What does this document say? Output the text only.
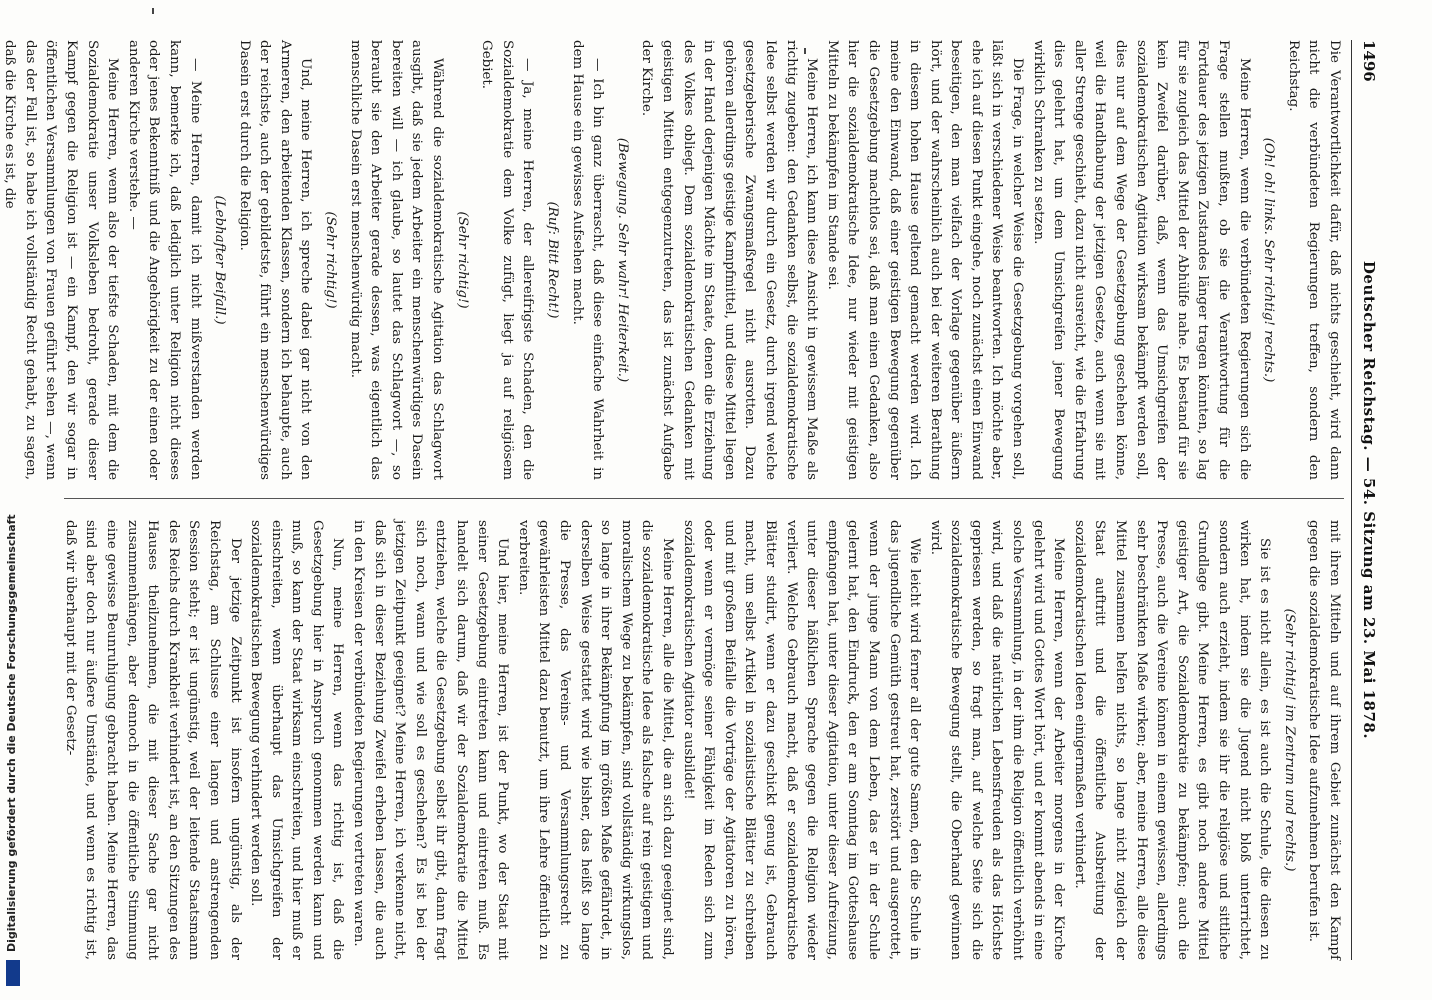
1496
Deutscher Reichstag. — 54. Sitzung am 23. Mai 1878.

Die Verantwortlichkeit dafür, daß nichts geschieht, wird dann nicht die verbündeten Regierungen treffen, sondern den Reichstag.

(Oh! oh! links. Sehr richtig! rechts.)

Meine Herren, wenn die verbündeten Regierungen sich die Frage stellen mußten, ob sie die Verantwortung für die Fortdauer des jetzigen Zustandes länger tragen könnten, so lag für sie zugleich das Mittel der Abhülfe nahe. Es bestand für sie kein Zweifel darüber, daß, wenn das Umsichgreifen der sozialdemokratischen Agitation wirksam bekämpft werden soll, dies nur auf dem Wege der Gesetzgebung geschehen könne, weil die Handhabung der jetzigen Gesetze, auch wenn sie mit aller Strenge geschieht, dazu nicht ausreicht, wie die Erfahrung dies gelehrt hat, um dem Umsichgreifen jener Bewegung wirklich Schranken zu setzen.

Die Frage, in welcher Weise die Gesetzgebung vorgehen soll, läßt sich in verschiedener Weise beantworten. Ich möchte aber, ehe ich auf diesen Punkt eingehe, noch zunächst einen Einwand beseitigen, den man vielfach der Vorlage gegenüber äußern hört, und der wahrscheinlich auch bei der weiteren Berathung in diesem hohen Hause geltend gemacht werden wird. Ich meine den Einwand, daß einer geistigen Bewegung gegenüber die Gesetzgebung machtlos sei, daß man einen Gedanken, also hier die sozialdemokratische Idee, nur wieder mit geistigen Mitteln zu bekämpfen im Stande sei.

Meine Herren, ich kann diese Ansicht in gewissem Maße als richtig zugeben: den Gedanken selbst, die sozialdemokratische Idee selbst werden wir durch ein Gesetz, durch irgend welche gesetzgeberische Zwangsmaßregel nicht ausrotten. Dazu gehören allerdings geistige Kampfmittel, und diese Mittel liegen in der Hand derjenigen Mächte im Staate, denen die Erziehung des Volkes obliegt. Dem sozialdemokratischen Gedanken mit geistigen Mitteln entgegenzutreten, das ist zunächst Aufgabe der Kirche.

(Bewegung. Sehr wahr! Heiterkeit.)

— Ich bin ganz überrascht, daß diese einfache Wahrheit in dem Hause ein gewisses Aufsehen macht.

(Ruf: Bitt Recht!)

— Ja, meine Herren, der allereifrigste Schaden, den die Sozialdemokratie dem Volke zufügt, liegt ja auf religiösem Gebiet.

(Sehr richtig!)

Während die sozialdemokratische Agitation das Schlagwort ausgibt, daß sie jedem Arbeiter ein menschenwürdiges Dasein bereiten will — ich glaube, so lautet das Schlagwort —, so beraubt sie den Arbeiter gerade dessen, was eigentlich das menschliche Dasein erst menschenwürdig macht.

(Sehr richtig!)

Und, meine Herren, ich spreche dabei gar nicht von den Armeren, den arbeitenden Klassen, sondern ich behaupte, auch der reichste, auch der gebildetste, führt ein menschenwürdiges Dasein erst durch die Religion.

(Lebhafter Beifall.)

— Meine Herren, damit ich nicht mißverstanden werden kann, bemerke ich, daß lediglich unter Religion nicht dieses oder jenes Bekenntniß und die Angehörigkeit zu der einen oder anderen Kirche verstehe. —

Meine Herren, wenn also der tiefste Schaden, mit dem die Sozialdemokratie unser Volksleben bedroht, gerade dieser Kampf gegen die Religion ist — ein Kampf, den wir sogar in öffentlichen Versammlungen von Frauen geführt sehen —, wenn das der Fall ist, so habe ich vollständig Recht gehabt, zu sagen, daß die Kirche es ist, die

mit ihren Mitteln und auf ihrem Gebiet zunächst den Kampf gegen die sozialdemokratische Idee aufzunehmen berufen ist.

(Sehr richtig! im Zentrum und rechts.)

Sie ist es nicht allein, es ist auch die Schule, die diesen zu wirken hat, indem sie die Jugend nicht bloß unterrichtet, sondern auch erzieht, indem sie ihr die religiöse und sittliche Grundlage gibt. Meine Herren, es gibt noch andere Mittel geistiger Art, die Sozialdemokratie zu bekämpfen; auch die Presse, auch die Vereine können in einem gewissen, allerdings sehr beschränkten Maße wirken; aber, meine Herren, alle diese Mittel zusammen helfen nichts, so lange nicht zugleich der Staat auftritt und die öffentliche Ausbreitung der sozialdemokratischen Ideen einigermaßen verhindert.

Meine Herren, wenn der Arbeiter morgens in der Kirche gelehrt wird und Gottes Wort hört, und er kommt abends in eine solche Versammlung, in der ihm die Religion öffentlich verhöhnt wird, und daß die natürlichen Lebensfreuden als das Höchste gepriesen werden, so fragt man, auf welche Seite sich die sozialdemokratische Bewegung stellt, die Oberhand gewinnen wird.

Wie leicht wird ferner all der gute Samen, den die Schule in das jugendliche Gemüth gestreut hat, zerstört und ausgerottet, wenn der junge Mann von dem Leben, das er in der Schule gelernt hat, den Eindruck, den er am Sonntag im Gotteshause empfangen hat, unter dieser Agitation, unter dieser Aufreizung, unter dieser häßlichen Sprache gegen die Religion wieder verliert. Welche Gebrauch macht, daß er sozialdemokratische Blätter studirt, wenn er dazu geschickt genug ist, Gebrauch macht, um selbst Artikel in sozialistische Blätter zu schreiben und mit großem Beifalle die Vorträge der Agitatoren zu hören, oder wenn er vermöge seiner Fähigkeit im Reden sich zum sozialdemokratischen Agitator ausbildet!

Meine Herren, alle die Mittel, die an sich dazu geeignet sind, die sozialdemokratische Idee als falsche auf rein geistigem und moralischem Wege zu bekämpfen, sind vollständig wirkungslos, so lange in ihrer Bekämpfung im größten Maße gefährdet, in derselben Weise gestattet wird wie bisher, das heißt so lange die Presse, das Vereins- und Versammlungsrecht zu gewährleisten Mittel dazu benutzt, um ihre Lehre öffentlich zu verbreiten.

Und hier, meine Herren, ist der Punkt, wo der Staat mit seiner Gesetzgebung eintreten kann und eintreten muß. Es handelt sich darum, daß wir der Sozialdemokratie die Mittel entziehen, welche die Gesetzgebung selbst ihr gibt, dann fragt sich noch, wann und wie soll es geschehen? Es ist bei der jetzigen Zeitpunkt geeignet? Meine Herren, ich verkenne nicht, daß sich in dieser Beziehung Zweifel erheben lassen, die auch in den Kreisen der verbündeten Regierungen vertreten waren.

Nun, meine Herren, wenn das richtig ist, daß die Gesetzgebung hier in Anspruch genommen werden kann und muß, so kann der Staat wirksam einschreiten, und hier muß er einschreiten, wenn überhaupt das Umsichgreifen der sozialdemokratischen Bewegung verhindert werden soll.

Der jetzige Zeitpunkt ist insofern ungünstig, als der Reichstag, am Schlusse einer langen und anstrengenden Session steht; er ist ungünstig, weil der leitende Staatsmann des Reichs durch Krankheit verhindert ist, an den Sitzungen des Hauses theilzunehmen, die mit dieser Sache gar nicht zusammenhängen, aber dennoch in die öffentliche Stimmung eine gewisse Beunruhigung gebracht haben. Meine Herren, das sind aber doch nur äußere Umstände, und wenn es richtig ist, daß wir überhaupt mit der Gesetz-

Digitalisierung gefördert durch die Deutsche Forschungsgemeinschaft
